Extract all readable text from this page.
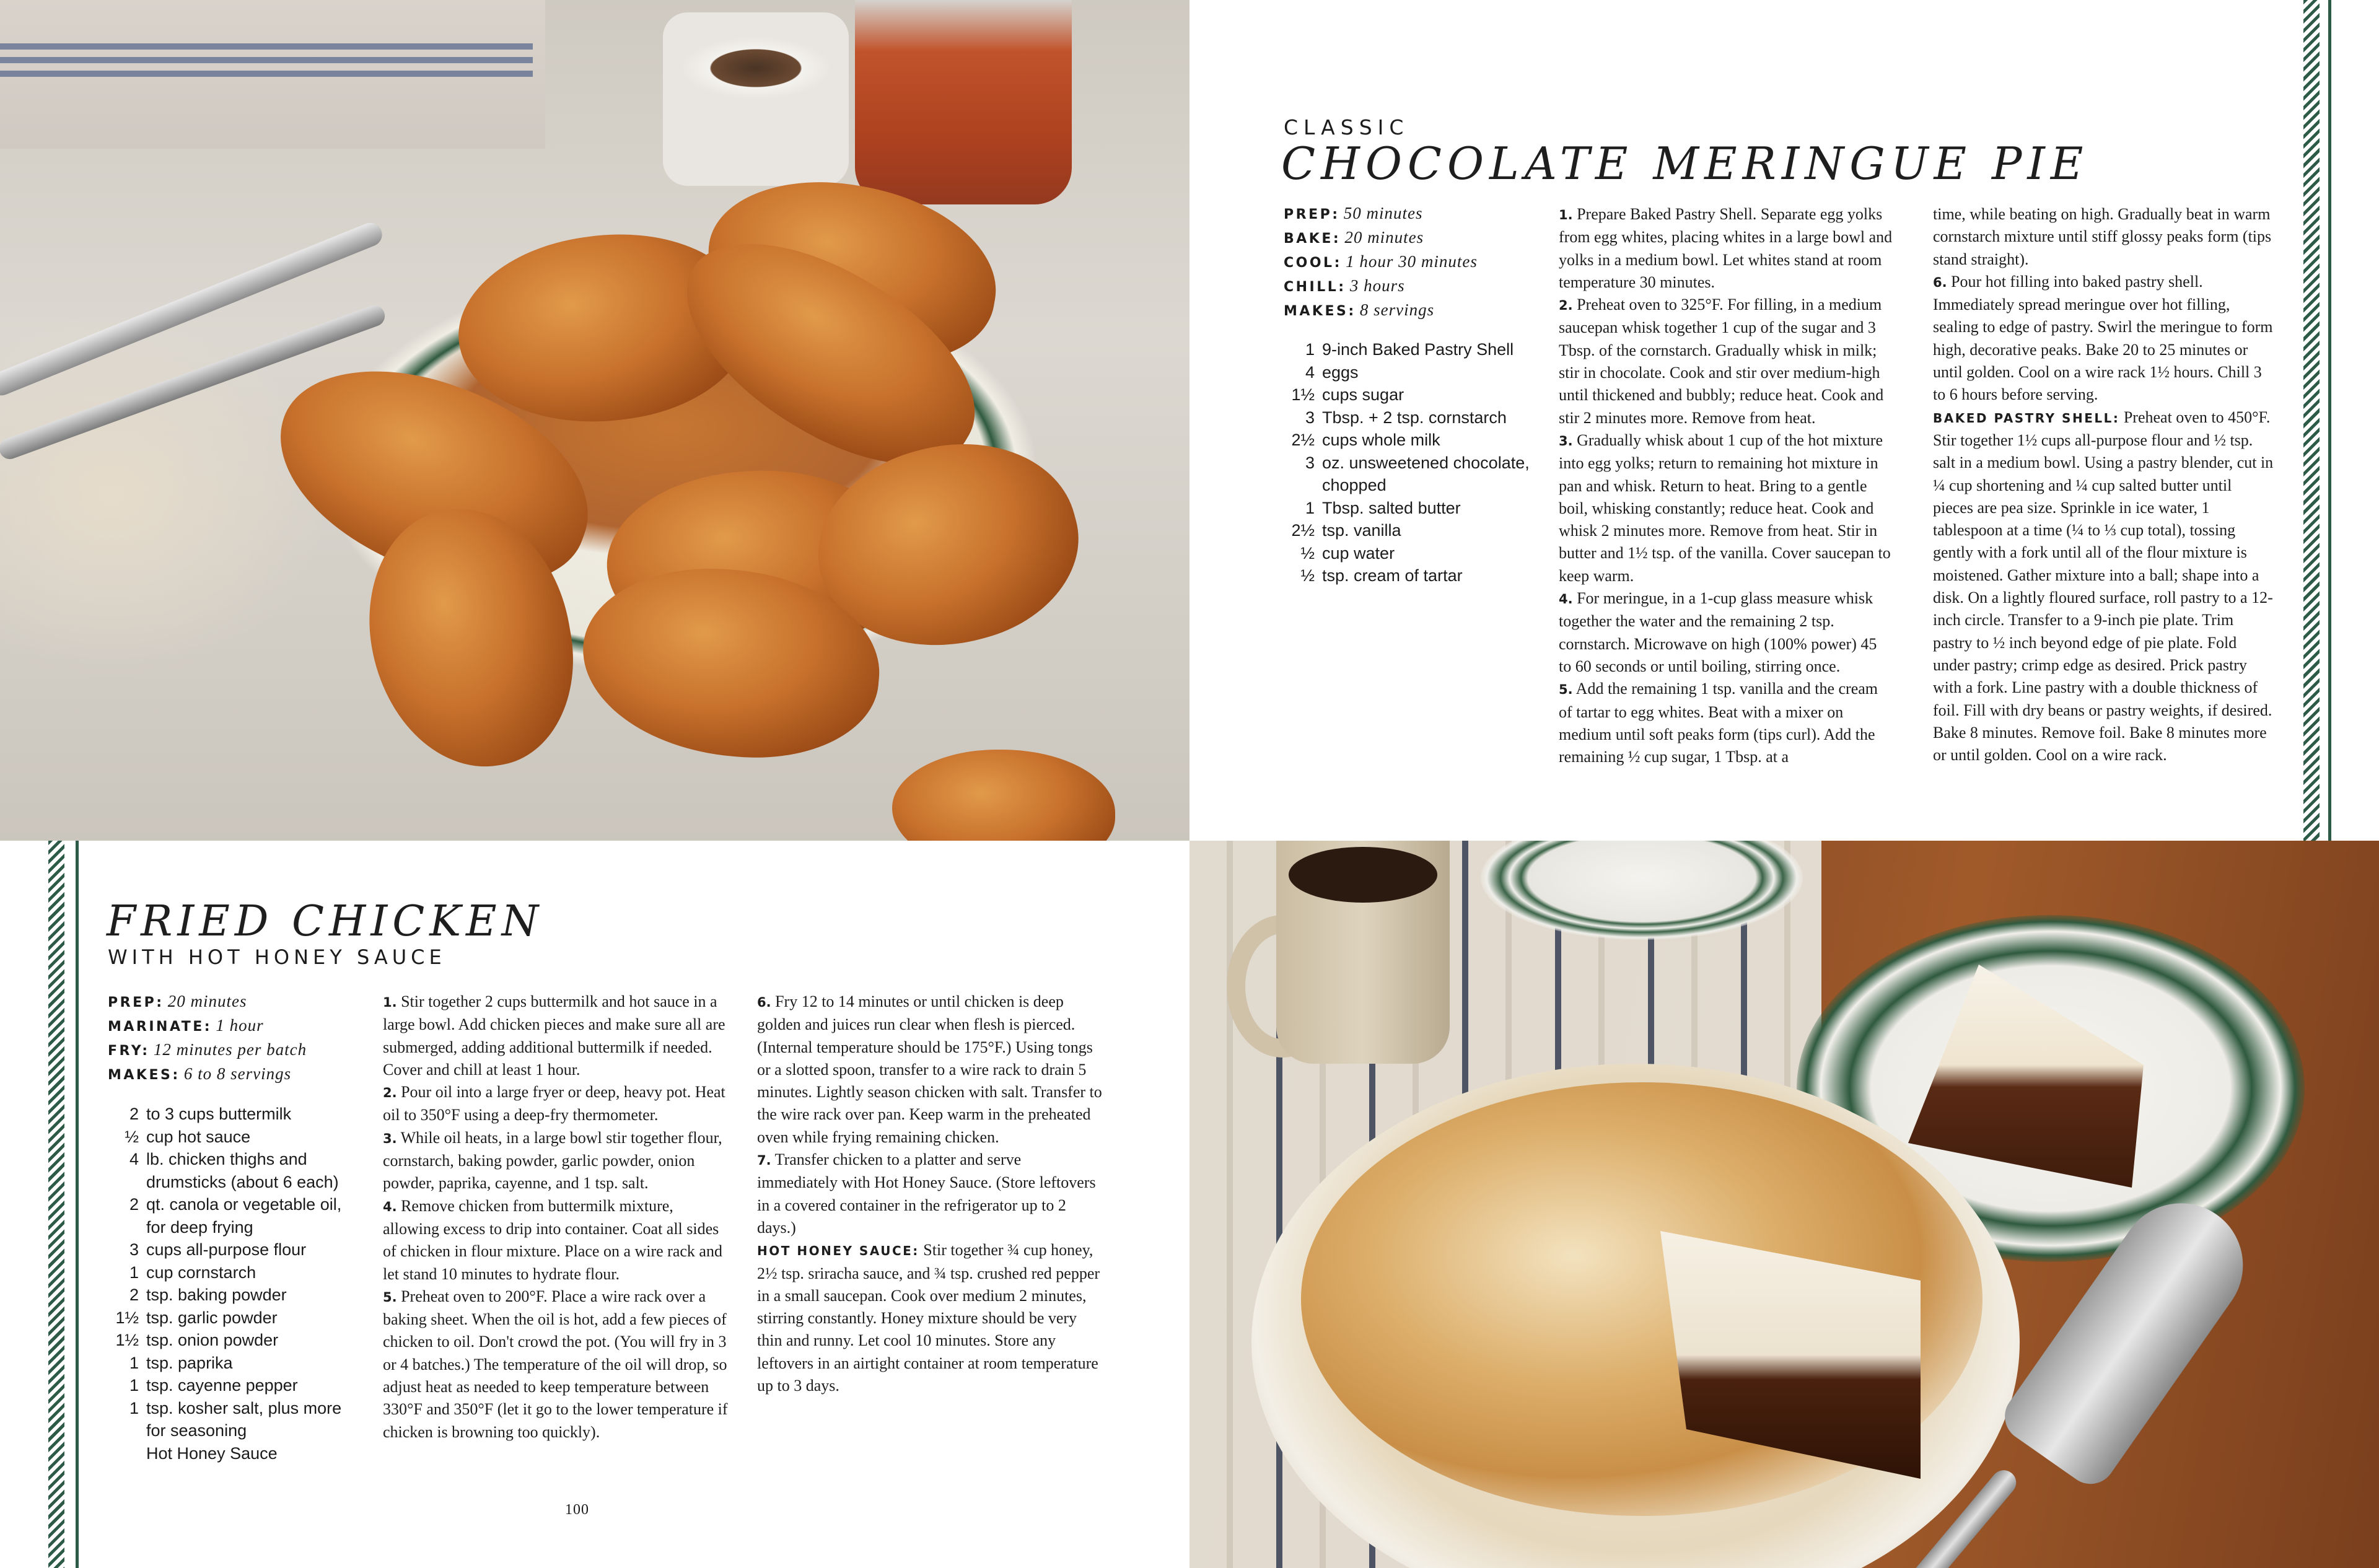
CLASSIC
CHOCOLATE MERINGUE PIE
PREP: 50 minutes
BAKE: 20 minutes
COOL: 1 hour 30 minutes
CHILL: 3 hours
MAKES: 8 servings
1 9-inch Baked Pastry Shell
4 eggs
1½ cups sugar
3 Tbsp. + 2 tsp. cornstarch
2½ cups whole milk
3 oz. unsweetened chocolate, chopped
1 Tbsp. salted butter
2½ tsp. vanilla
½ cup water
½ tsp. cream of tartar

1. Prepare Baked Pastry Shell. Separate egg yolks from egg whites, placing whites in a large bowl and yolks in a medium bowl. Let whites stand at room temperature 30 minutes.

2. Preheat oven to 325°F. For filling, in a medium saucepan whisk together 1 cup of the sugar and 3 Tbsp. of the cornstarch. Gradually whisk in milk; stir in chocolate. Cook and stir over medium-high until thickened and bubbly; reduce heat. Cook and stir 2 minutes more. Remove from heat.

3. Gradually whisk about 1 cup of the hot mixture into egg yolks; return to remaining hot mixture in pan and whisk. Return to heat. Bring to a gentle boil, whisking constantly; reduce heat. Cook and whisk 2 minutes more. Remove from heat. Stir in butter and 1½ tsp. of the vanilla. Cover saucepan to keep warm.

4. For meringue, in a 1-cup glass measure whisk together the water and the remaining 2 tsp. cornstarch. Microwave on high (100% power) 45 to 60 seconds or until boiling, stirring once.

5. Add the remaining 1 tsp. vanilla and the cream of tartar to egg whites. Beat with a mixer on medium until soft peaks form (tips curl). Add the remaining ½ cup sugar, 1 Tbsp. at a

time, while beating on high. Gradually beat in warm cornstarch mixture until stiff glossy peaks form (tips stand straight).

6. Pour hot filling into baked pastry shell. Immediately spread meringue over hot filling, sealing to edge of pastry. Swirl the meringue to form high, decorative peaks. Bake 20 to 25 minutes or until golden. Cool on a wire rack 1½ hours. Chill 3 to 6 hours before serving.

BAKED PASTRY SHELL: Preheat oven to 450°F. Stir together 1½ cups all-purpose flour and ½ tsp. salt in a medium bowl. Using a pastry blender, cut in ¼ cup shortening and ¼ cup salted butter until pieces are pea size. Sprinkle in ice water, 1 tablespoon at a time (¼ to ⅓ cup total), tossing gently with a fork until all of the flour mixture is moistened. Gather mixture into a ball; shape into a disk. On a lightly floured surface, roll pastry to a 12-inch circle. Transfer to a 9-inch pie plate. Trim pastry to ½ inch beyond edge of pie plate. Fold under pastry; crimp edge as desired. Prick pastry with a fork. Line pastry with a double thickness of foil. Fill with dry beans or pastry weights, if desired. Bake 8 minutes. Remove foil. Bake 8 minutes more or until golden. Cool on a wire rack.

FRIED CHICKEN
WITH HOT HONEY SAUCE
PREP: 20 minutes
MARINATE: 1 hour
FRY: 12 minutes per batch
MAKES: 6 to 8 servings
2 to 3 cups buttermilk
½ cup hot sauce
4 lb. chicken thighs and drumsticks (about 6 each)
2 qt. canola or vegetable oil, for deep frying
3 cups all-purpose flour
1 cup cornstarch
2 tsp. baking powder
1½ tsp. garlic powder
1½ tsp. onion powder
1 tsp. paprika
1 tsp. cayenne pepper
1 tsp. kosher salt, plus more for seasoning
Hot Honey Sauce

1. Stir together 2 cups buttermilk and hot sauce in a large bowl. Add chicken pieces and make sure all are submerged, adding additional buttermilk if needed. Cover and chill at least 1 hour.

2. Pour oil into a large fryer or deep, heavy pot. Heat oil to 350°F using a deep-fry thermometer.

3. While oil heats, in a large bowl stir together flour, cornstarch, baking powder, garlic powder, onion powder, paprika, cayenne, and 1 tsp. salt.

4. Remove chicken from buttermilk mixture, allowing excess to drip into container. Coat all sides of chicken in flour mixture. Place on a wire rack and let stand 10 minutes to hydrate flour.

5. Preheat oven to 200°F. Place a wire rack over a baking sheet. When the oil is hot, add a few pieces of chicken to oil. Don't crowd the pot. (You will fry in 3 or 4 batches.) The temperature of the oil will drop, so adjust heat as needed to keep temperature between 330°F and 350°F (let it go to the lower temperature if chicken is browning too quickly).

6. Fry 12 to 14 minutes or until chicken is deep golden and juices run clear when flesh is pierced. (Internal temperature should be 175°F.) Using tongs or a slotted spoon, transfer to a wire rack to drain 5 minutes. Lightly season chicken with salt. Transfer to the wire rack over pan. Keep warm in the preheated oven while frying remaining chicken.

7. Transfer chicken to a platter and serve immediately with Hot Honey Sauce. (Store leftovers in a covered container in the refrigerator up to 2 days.)

HOT HONEY SAUCE: Stir together ¾ cup honey, 2½ tsp. sriracha sauce, and ¾ tsp. crushed red pepper in a small saucepan. Cook over medium 2 minutes, stirring constantly. Honey mixture should be very thin and runny. Let cool 10 minutes. Store any leftovers in an airtight container at room temperature up to 3 days.

100
